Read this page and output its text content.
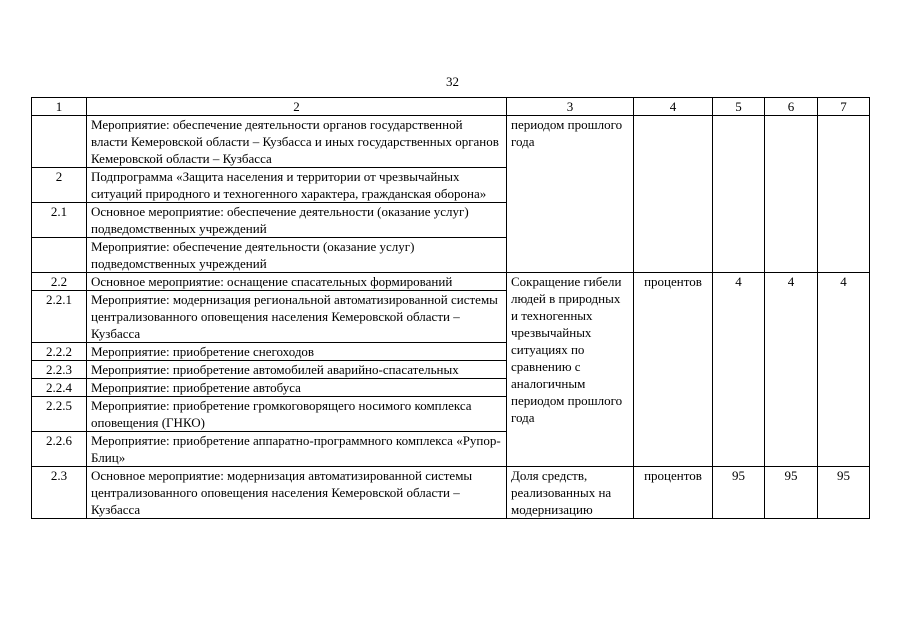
32
1	2	3	4	5	6	7
	Мероприятие: обеспечение деятельности органов государственной власти Кемеровской области – Кузбасса и иных государственных органов Кемеровской области – Кузбасса	периодом прошлого года				
2	Подпрограмма «Защита населения и территории от чрезвычайных ситуаций природного и техногенного характера, гражданская оборона»					
2.1	Основное мероприятие: обеспечение деятельности (оказание услуг) подведомственных учреждений					
	Мероприятие: обеспечение деятельности (оказание услуг) подведомственных учреждений					
2.2	Основное мероприятие: оснащение спасательных формирований	Сокращение гибели людей в природных и техногенных чрезвычайных ситуациях по сравнению с аналогичным периодом прошлого года	процентов	4	4	4
2.2.1	Мероприятие: модернизация региональной автоматизированной системы централизованного оповещения населения Кемеровской области – Кузбасса					
2.2.2	Мероприятие: приобретение снегоходов					
2.2.3	Мероприятие: приобретение автомобилей аварийно-спасательных					
2.2.4	Мероприятие: приобретение автобуса					
2.2.5	Мероприятие: приобретение громкоговорящего носимого комплекса оповещения (ГНКО)					
2.2.6	Мероприятие: приобретение аппаратно-программного комплекса «Рупор-Блиц»					
2.3	Основное мероприятие: модернизация автоматизированной системы централизованного оповещения населения Кемеровской области – Кузбасса	Доля средств, реализованных на модернизацию	процентов	95	95	95
